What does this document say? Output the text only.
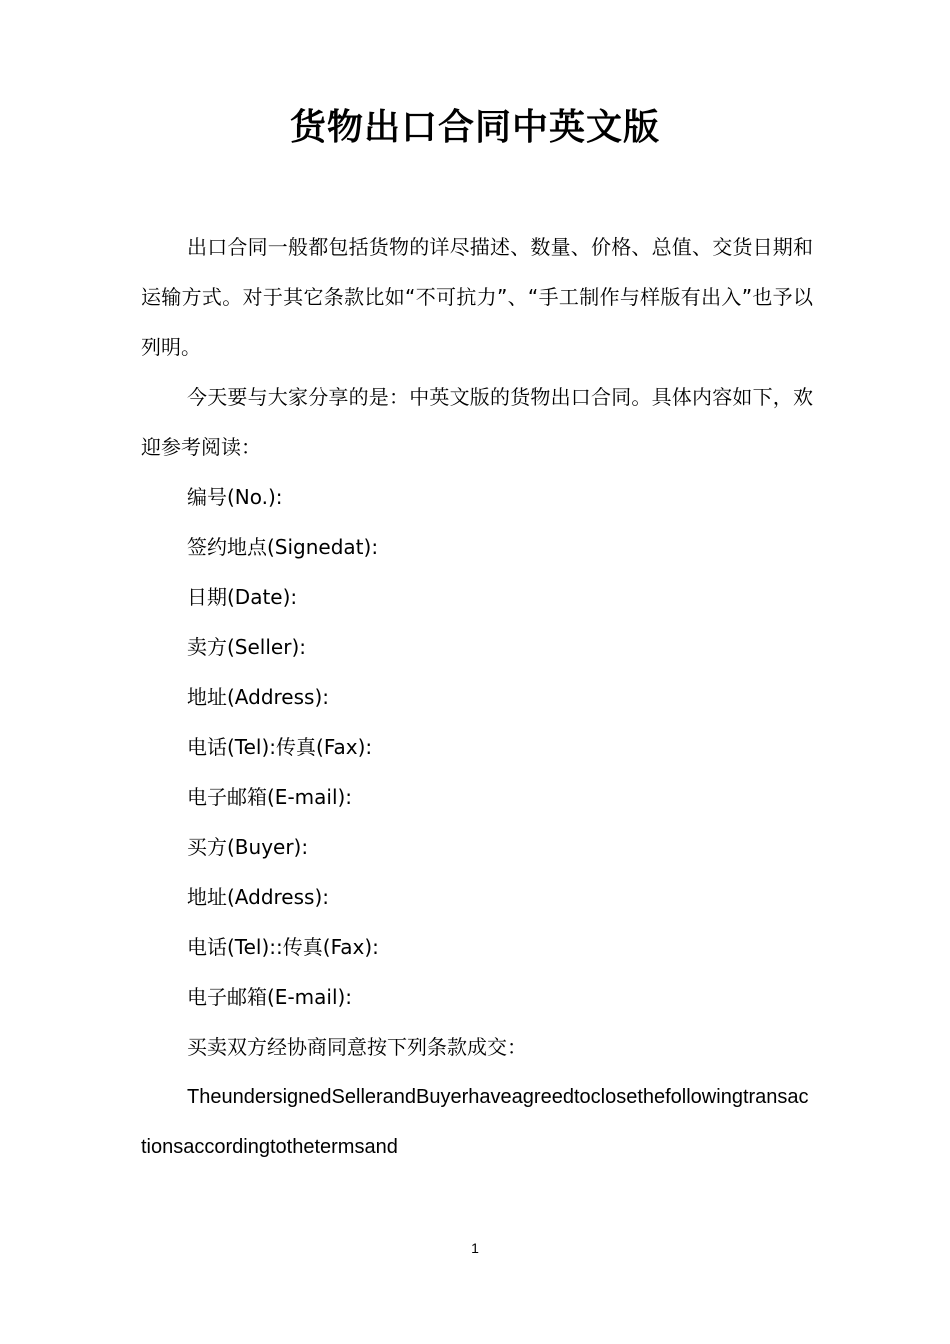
货物出口合同中英文版

出口合同一般都包括货物的详尽描述、数量、价格、总值、交货日期和运输方式。对于其它条款比如“不可抗力”、“手工制作与样版有出入”也予以列明。

今天要与大家分享的是：中英文版的货物出口合同。具体内容如下，欢迎参考阅读：

编号(No.):

签约地点(Signedat):

日期(Date):

卖方(Seller):

地址(Address):

电话(Tel):传真(Fax):

电子邮箱(E-mail):

买方(Buyer):

地址(Address):

电话(Tel)::传真(Fax):

电子邮箱(E-mail):

买卖双方经协商同意按下列条款成交：

TheundersignedSellerandBuyerhaveagreedtoclosethefollowingtransactionsaccordingtothetermsand

1
